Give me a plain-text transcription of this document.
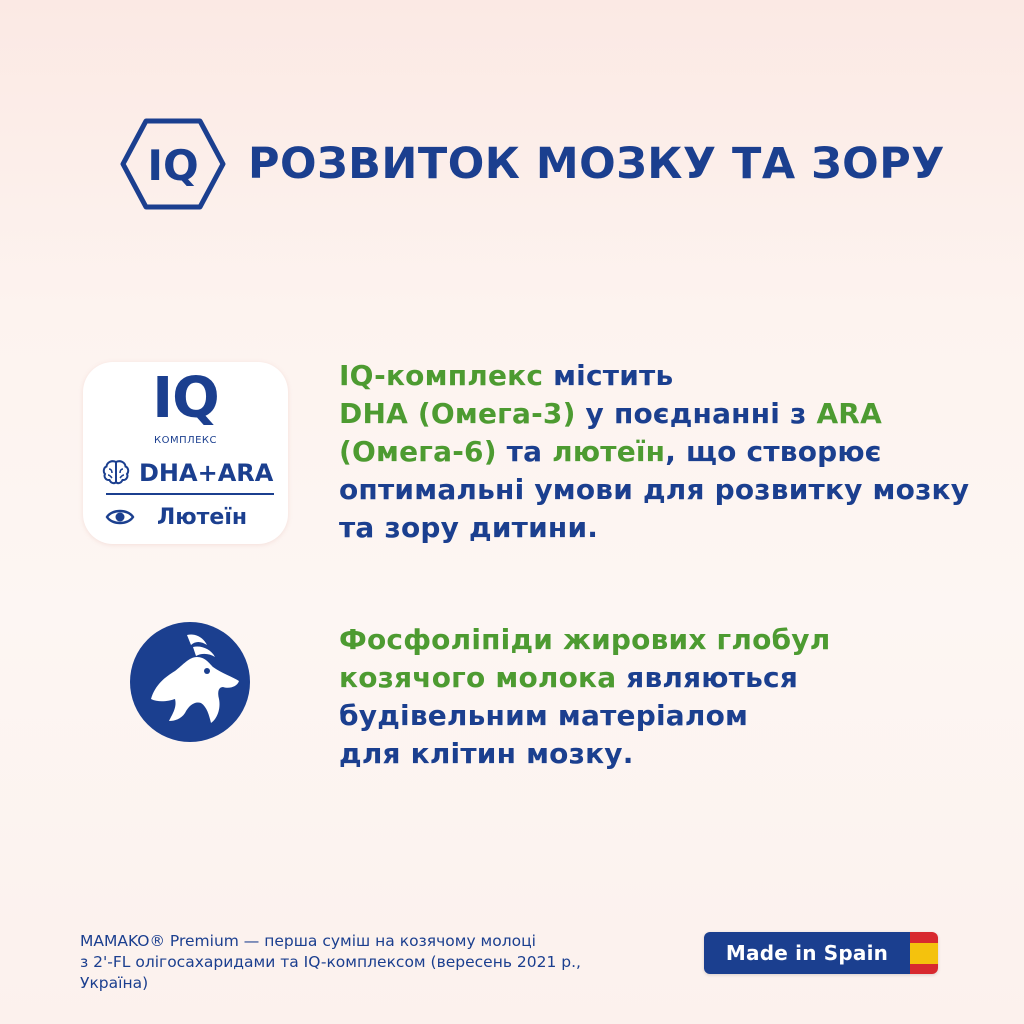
IQ РОЗВИТОК МОЗКУ ТА ЗОРУ
IQ
КОМПЛЕКС
DHA+ARA
Лютеїн
IQ-комплекс містить
DHA (Омега-3) у поєднанні з ARA
(Омега-6) та лютеїн, що створює
оптимальні умови для розвитку мозку
та зору дитини.
Фосфоліпіди жирових глобул
козячого молока являються
будівельним матеріалом
для клітин мозку.
MAMAKO® Premium — перша суміш на козячому молоці
з 2'-FL олігосахаридами та IQ-комплексом (вересень 2021 р.,
Україна)
Made in Spain
